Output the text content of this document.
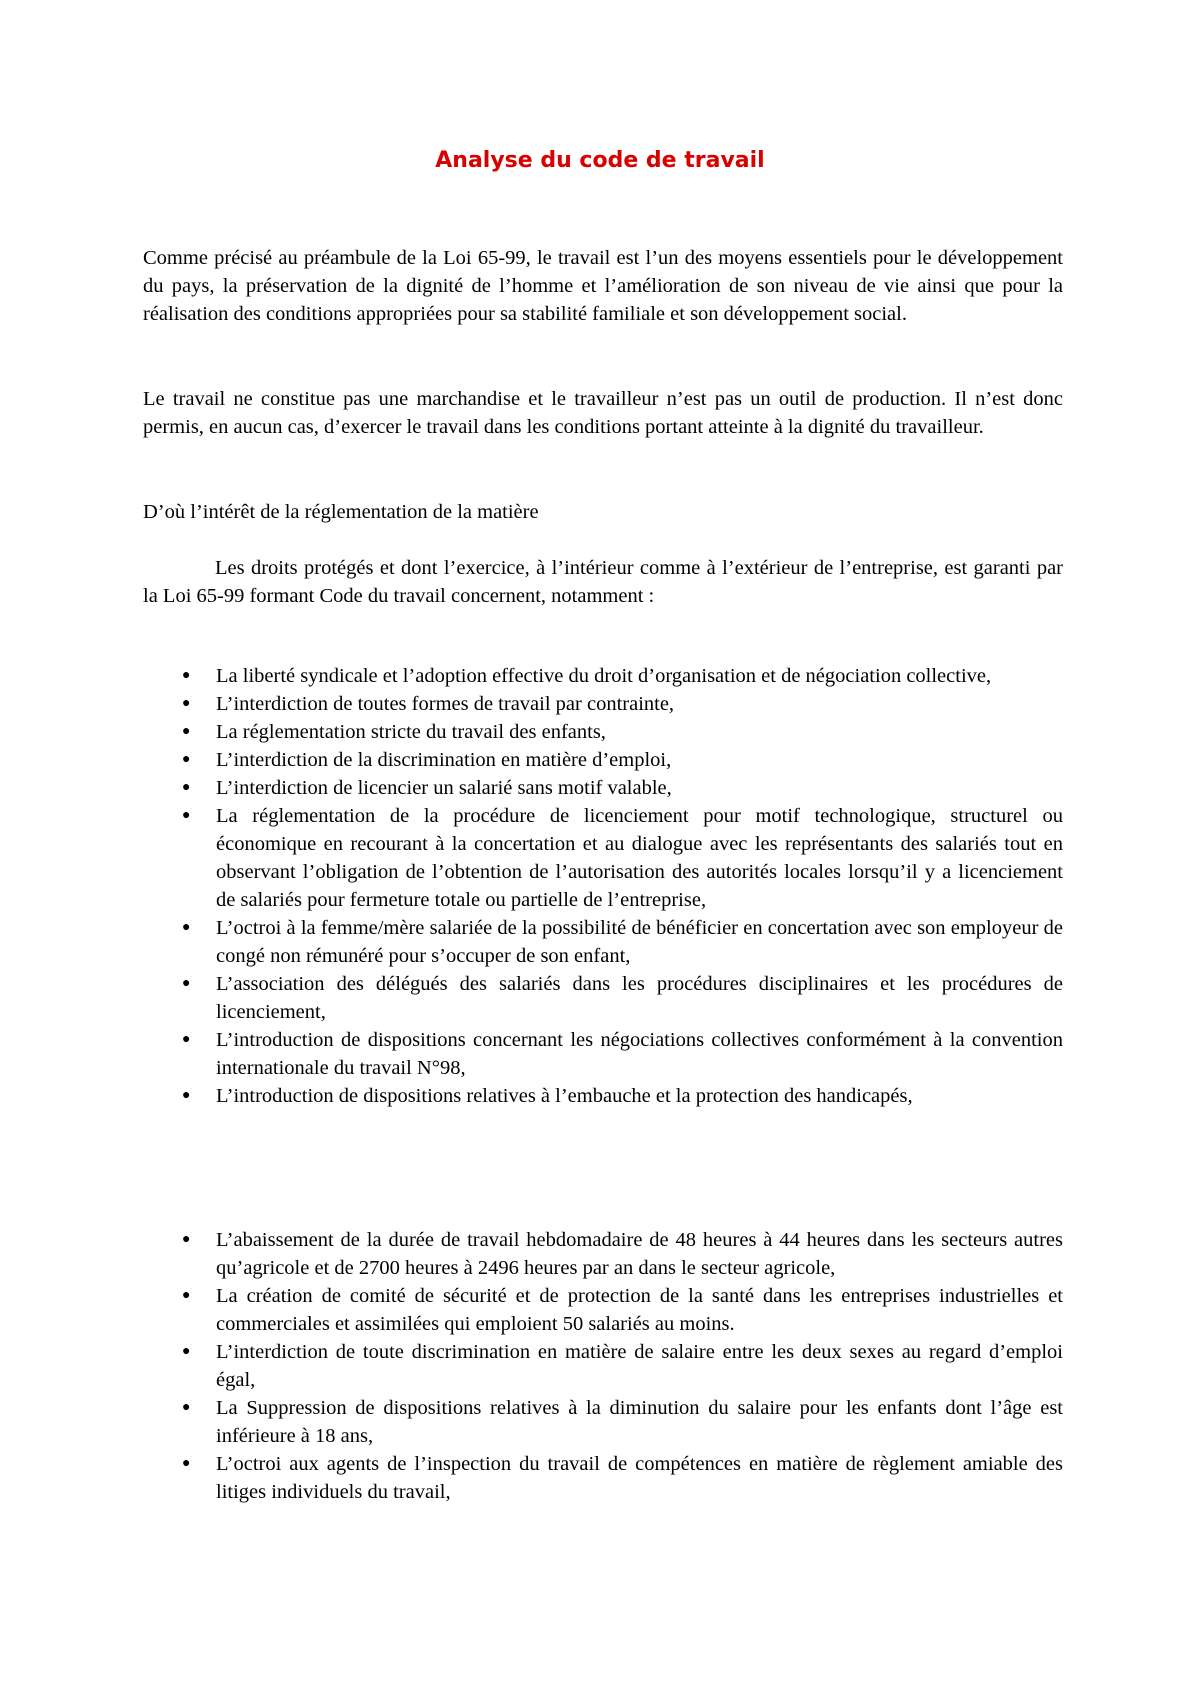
Analyse du code de travail

Comme précisé au préambule de la Loi 65-99, le travail est l’un des moyens essentiels pour le développement du pays, la préservation de la dignité de l’homme et l’amélioration de son niveau de vie ainsi que pour la réalisation des conditions appropriées pour sa stabilité familiale et son développement social.

Le travail ne constitue pas une marchandise et le travailleur n’est pas un outil de production. Il n’est donc permis, en aucun cas, d’exercer le travail dans les conditions portant atteinte à la dignité du travailleur.

D’où l’intérêt de la réglementation de la matière

Les droits protégés et dont l’exercice, à l’intérieur comme à l’extérieur de l’entreprise, est garanti par la Loi 65-99 formant Code du travail concernent, notamment :

● La liberté syndicale et l’adoption effective du droit d’organisation et de négociation collective,
● L’interdiction de toutes formes de travail par contrainte,
● La réglementation stricte du travail des enfants,
● L’interdiction de la discrimination en matière d’emploi,
● L’interdiction de licencier un salarié sans motif valable,
● La réglementation de la procédure de licenciement pour motif technologique, structurel ou économique en recourant à la concertation et au dialogue avec les représentants des salariés tout en observant l’obligation de l’obtention de l’autorisation des autorités locales lorsqu’il y a licenciement de salariés pour fermeture totale ou partielle de l’entreprise,
● L’octroi à la femme/mère salariée de la possibilité de bénéficier en concertation avec son employeur de congé non rémunéré pour s’occuper de son enfant,
● L’association des délégués des salariés dans les procédures disciplinaires et les procédures de licenciement,
● L’introduction de dispositions concernant les négociations collectives conformément à la convention internationale du travail N°98,
● L’introduction de dispositions relatives à l’embauche et la protection des handicapés,
● L’abaissement de la durée de travail hebdomadaire de 48 heures à 44 heures dans les secteurs autres qu’agricole et de 2700 heures à 2496 heures par an dans le secteur agricole,
● La création de comité de sécurité et de protection de la santé dans les entreprises industrielles et commerciales et assimilées qui emploient 50 salariés au moins.
● L’interdiction de toute discrimination en matière de salaire entre les deux sexes au regard d’emploi égal,
● La Suppression de dispositions relatives à la diminution du salaire pour les enfants dont l’âge est inférieure à 18 ans,
● L’octroi aux agents de l’inspection du travail de compétences en matière de règlement amiable des litiges individuels du travail,
